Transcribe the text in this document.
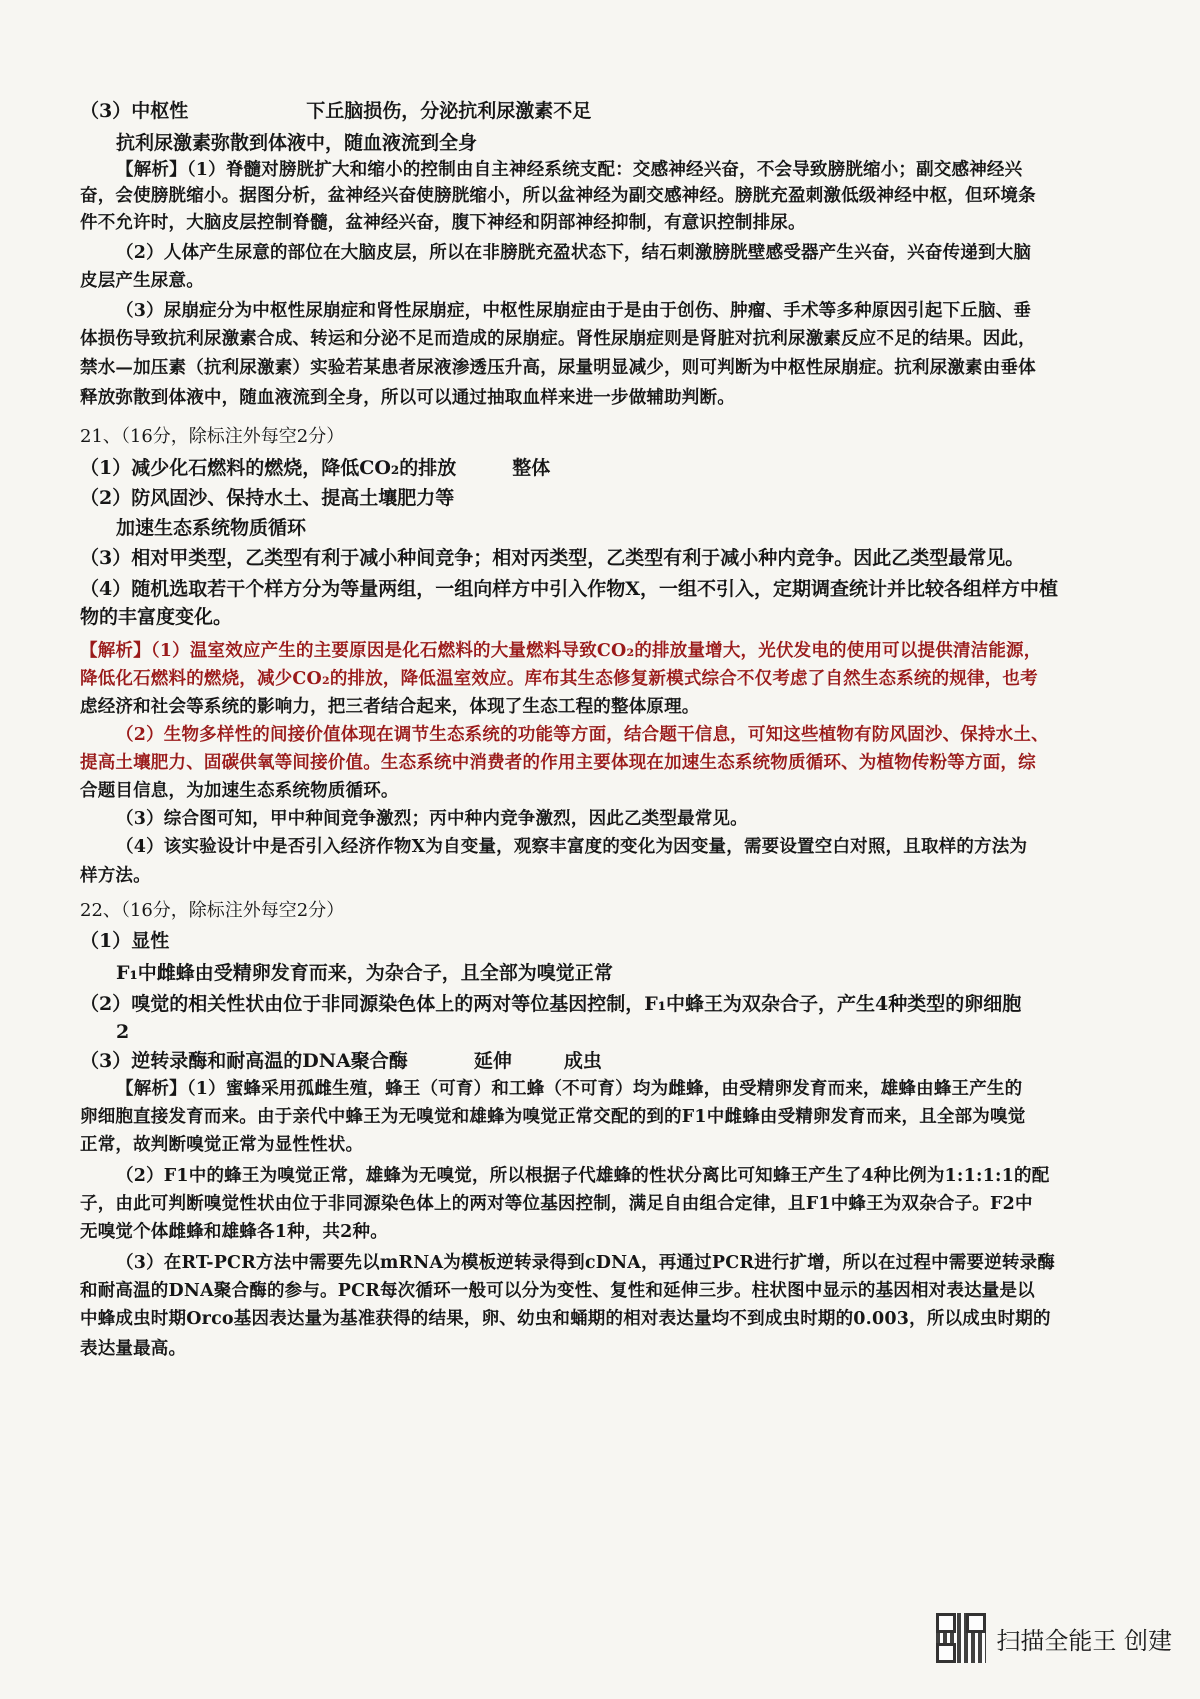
（3）中枢性	下丘脑损伤，分泌抗利尿激素不足
抗利尿激素弥散到体液中，随血液流到全身
【解析】（1）脊髓对膀胱扩大和缩小的控制由自主神经系统支配：交感神经兴奋，不会导致膀胱缩小；副交感神经兴
奋，会使膀胱缩小。据图分析，盆神经兴奋使膀胱缩小，所以盆神经为副交感神经。膀胱充盈刺激低级神经中枢，但环境条
件不允许时，大脑皮层控制脊髓，盆神经兴奋，腹下神经和阴部神经抑制，有意识控制排尿。
（2）人体产生尿意的部位在大脑皮层，所以在非膀胱充盈状态下，结石刺激膀胱壁感受器产生兴奋，兴奋传递到大脑
皮层产生尿意。
（3）尿崩症分为中枢性尿崩症和肾性尿崩症，中枢性尿崩症由于是由于创伤、肿瘤、手术等多种原因引起下丘脑、垂
体损伤导致抗利尿激素合成、转运和分泌不足而造成的尿崩症。肾性尿崩症则是肾脏对抗利尿激素反应不足的结果。因此，
禁水—加压素（抗利尿激素）实验若某患者尿液渗透压升高，尿量明显减少，则可判断为中枢性尿崩症。抗利尿激素由垂体
释放弥散到体液中，随血液流到全身，所以可以通过抽取血样来进一步做辅助判断。
21、（16分，除标注外每空2分）
（1）减少化石燃料的燃烧，降低CO₂的排放	整体
（2）防风固沙、保持水土、提高土壤肥力等
加速生态系统物质循环
（3）相对甲类型，乙类型有利于减小种间竞争；相对丙类型，乙类型有利于减小种内竞争。因此乙类型最常见。
（4）随机选取若干个样方分为等量两组，一组向样方中引入作物X，一组不引入，定期调查统计并比较各组样方中植
物的丰富度变化。
【解析】（1）温室效应产生的主要原因是化石燃料的大量燃料导致CO₂的排放量增大，光伏发电的使用可以提供清洁能源，
降低化石燃料的燃烧，减少CO₂的排放，降低温室效应。库布其生态修复新模式综合不仅考虑了自然生态系统的规律，也考
虑经济和社会等系统的影响力，把三者结合起来，体现了生态工程的整体原理。
（2）生物多样性的间接价值体现在调节生态系统的功能等方面，结合题干信息，可知这些植物有防风固沙、保持水土、
提高土壤肥力、固碳供氧等间接价值。生态系统中消费者的作用主要体现在加速生态系统物质循环、为植物传粉等方面，综
合题目信息，为加速生态系统物质循环。
（3）综合图可知，甲中种间竞争激烈；丙中种内竞争激烈，因此乙类型最常见。
（4）该实验设计中是否引入经济作物X为自变量，观察丰富度的变化为因变量，需要设置空白对照，且取样的方法为
样方法。
22、（16分，除标注外每空2分）
（1）显性
F₁中雌蜂由受精卵发育而来，为杂合子，且全部为嗅觉正常
（2）嗅觉的相关性状由位于非同源染色体上的两对等位基因控制，F₁中蜂王为双杂合子，产生4种类型的卵细胞
2
（3）逆转录酶和耐高温的DNA聚合酶	延伸	成虫
【解析】（1）蜜蜂采用孤雌生殖，蜂王（可育）和工蜂（不可育）均为雌蜂，由受精卵发育而来，雄蜂由蜂王产生的
卵细胞直接发育而来。由于亲代中蜂王为无嗅觉和雄蜂为嗅觉正常交配的到的F1中雌蜂由受精卵发育而来，且全部为嗅觉
正常，故判断嗅觉正常为显性性状。
（2）F1中的蜂王为嗅觉正常，雄蜂为无嗅觉，所以根据子代雄蜂的性状分离比可知蜂王产生了4种比例为1:1:1:1的配
子，由此可判断嗅觉性状由位于非同源染色体上的两对等位基因控制，满足自由组合定律，且F1中蜂王为双杂合子。F2中
无嗅觉个体雌蜂和雄蜂各1种，共2种。
（3）在RT-PCR方法中需要先以mRNA为模板逆转录得到cDNA，再通过PCR进行扩增，所以在过程中需要逆转录酶
和耐高温的DNA聚合酶的参与。PCR每次循环一般可以分为变性、复性和延伸三步。柱状图中显示的基因相对表达量是以
中蜂成虫时期Orco基因表达量为基准获得的结果，卵、幼虫和蛹期的相对表达量均不到成虫时期的0.003，所以成虫时期的
表达量最高。
扫描全能王 创建
